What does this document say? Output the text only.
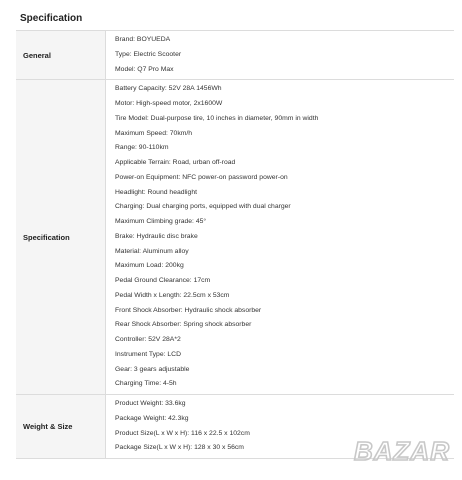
Specification
General
Brand: BOYUEDA
Type: Electric Scooter
Model: Q7 Pro Max
Specification
Battery Capacity: 52V 28A 1456Wh
Motor: High-speed motor, 2x1600W
Tire Model: Dual-purpose tire, 10 inches in diameter, 90mm in width
Maximum Speed: 70km/h
Range: 90-110km
Applicable Terrain: Road, urban off-road
Power-on Equipment: NFC power-on password power-on
Headlight: Round headlight
Charging: Dual charging ports, equipped with dual charger
Maximum Climbing grade: 45°
Brake: Hydraulic disc brake
Material: Aluminum alloy
Maximum Load: 200kg
Pedal Ground Clearance: 17cm
Pedal Width x Length: 22.5cm x 53cm
Front Shock Absorber: Hydraulic shock absorber
Rear Shock Absorber: Spring shock absorber
Controller: 52V 28A*2
Instrument Type: LCD
Gear: 3 gears adjustable
Charging Time: 4-5h
Weight & Size
Product Weight: 33.6kg
Package Weight: 42.3kg
Product Size(L x W x H): 116 x 22.5 x 102cm
Package Size(L x W x H): 128 x 30 x 56cm	BAZAR
